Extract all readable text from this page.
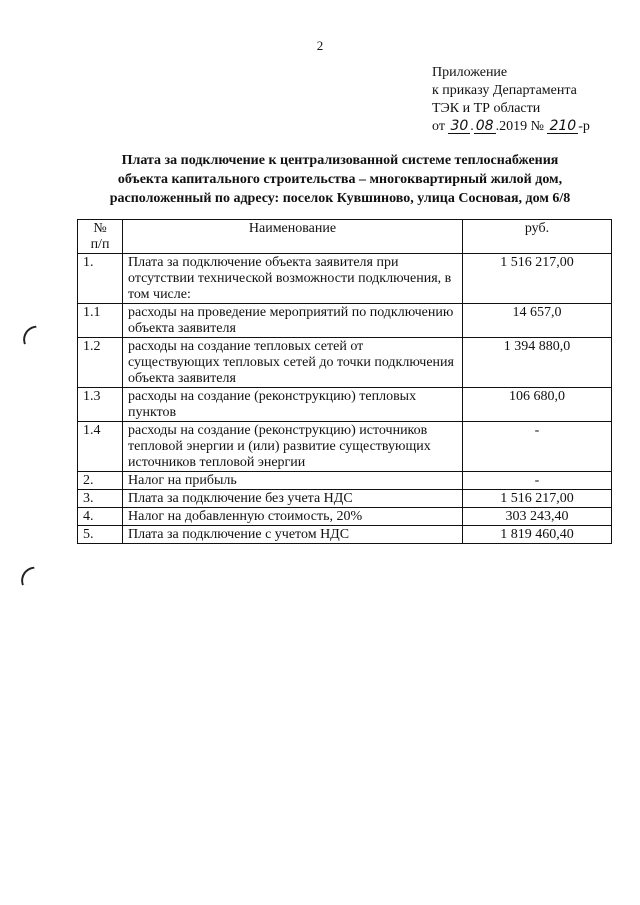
2
Приложение
к приказу Департамента
ТЭК и ТР области
от 30 . 08 .2019 № 210 -р
Плата за подключение к централизованной системе теплоснабжения
объекта капитального строительства – многоквартирный жилой дом,
расположенный по адресу: поселок Кувшиново, улица Сосновая, дом 6/8
№
п/п	Наименование	руб.
1.	Плата за подключение объекта заявителя при отсутствии технической возможности подключения, в том числе:	1 516 217,00
1.1	расходы на проведение мероприятий по подключению объекта заявителя	14 657,0
1.2	расходы на создание тепловых сетей от существующих тепловых сетей до точки подключения объекта заявителя	1 394 880,0
1.3	расходы на создание (реконструкцию) тепловых пунктов	106 680,0
1.4	расходы на создание (реконструкцию) источников тепловой энергии и (или) развитие существующих источников тепловой энергии	-
2.	Налог на прибыль	-
3.	Плата за подключение без учета НДС	1 516 217,00
4.	Налог на добавленную стоимость, 20%	303 243,40
5.	Плата за подключение с учетом НДС	1 819 460,40
